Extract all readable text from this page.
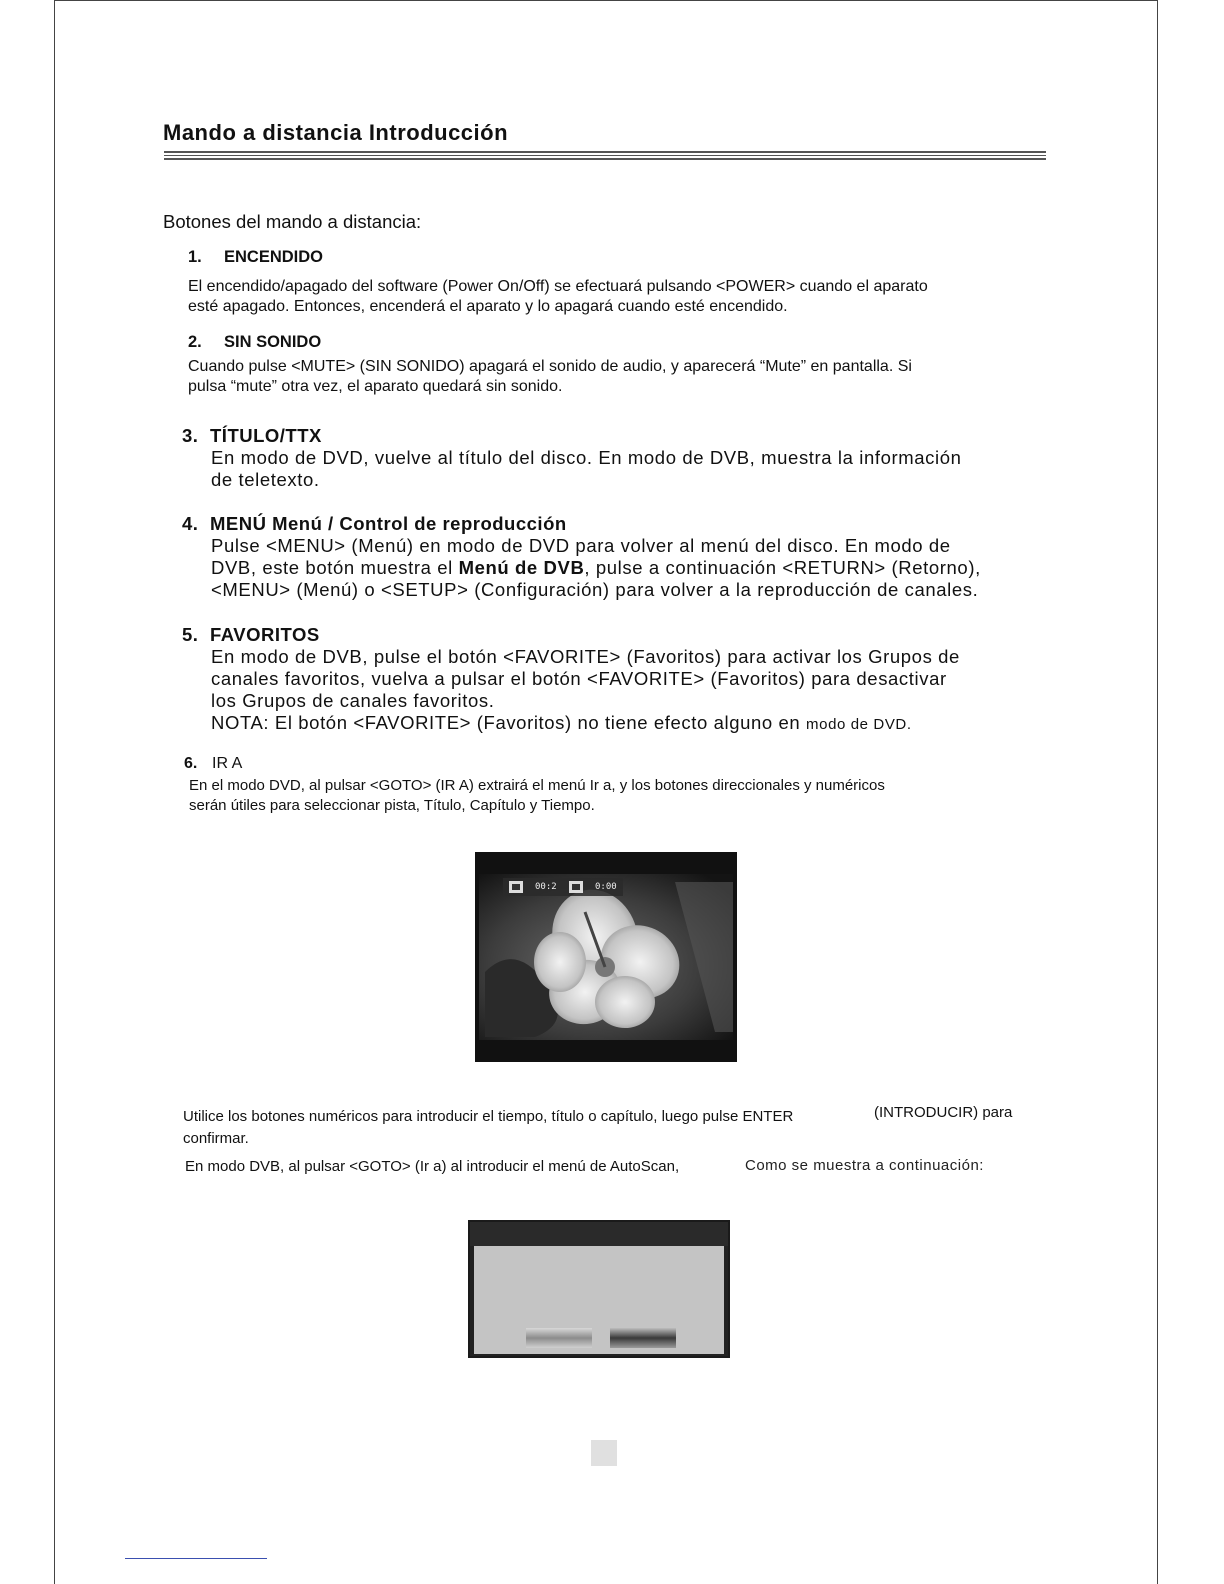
Mando a distancia Introducción
Botones del mando a distancia:
1. ENCENDIDO
El encendido/apagado del software (Power On/Off) se efectuará pulsando <POWER> cuando el aparato
esté apagado. Entonces, encenderá el aparato y lo apagará cuando esté encendido.
2. SIN SONIDO
Cuando pulse <MUTE> (SIN SONIDO) apagará el sonido de audio, y aparecerá “Mute” en pantalla. Si
pulsa “mute” otra vez, el aparato quedará sin sonido.
3. TÍTULO/TTX
En modo de DVD, vuelve al título del disco. En modo de DVB, muestra la información
de teletexto.
4. MENÚ Menú / Control de reproducción
Pulse <MENU> (Menú) en modo de DVD para volver al menú del disco. En modo de
DVB, este botón muestra el Menú de DVB, pulse a continuación <RETURN> (Retorno),
<MENU> (Menú) o <SETUP> (Configuración) para volver a la reproducción de canales.
5. FAVORITOS
En modo de DVB, pulse el botón <FAVORITE> (Favoritos) para activar los Grupos de
canales favoritos, vuelva a pulsar el botón <FAVORITE> (Favoritos) para desactivar
los Grupos de canales favoritos.
NOTA: El botón <FAVORITE> (Favoritos) no tiene efecto alguno en modo de DVD.
6. IR A
En el modo DVD, al pulsar <GOTO> (IR A) extrairá el menú Ir a, y los botones direccionales y numéricos
serán útiles para seleccionar pista, Título, Capítulo y Tiempo.
00:2	0:00
Utilice los botones numéricos para introducir el tiempo, título o capítulo, luego pulse ENTER	(INTRODUCIR) para
confirmar.
En modo DVB, al pulsar <GOTO> (Ir a) al introducir el menú de AutoScan,	Como se muestra a continuación:
